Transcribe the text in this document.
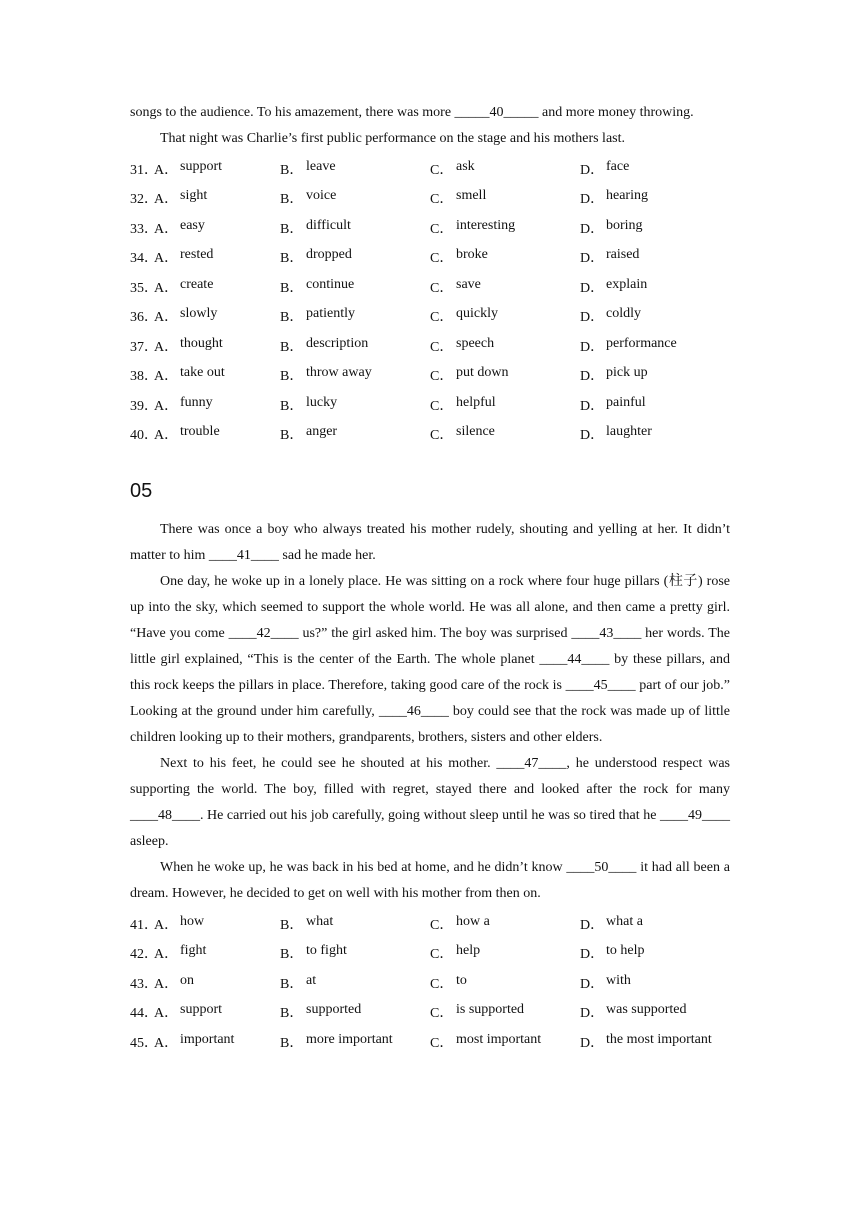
songs to the audience. To his amazement, there was more _____40_____ and more money throwing.

That night was Charlie’s first public performance on the stage and his mothers last.

31．
A． support	B． leave	C． ask	D． face
32．
A． sight	B． voice	C． smell	D． hearing
33．
A． easy	B． difficult	C． interesting	D． boring
34．
A． rested	B． dropped	C． broke	D． raised
35．
A． create	B． continue	C． save	D． explain
36．
A． slowly	B． patiently	C． quickly	D． coldly
37．
A． thought	B． description	C． speech	D． performance
38．
A． take out	B． throw away	C． put down	D． pick up
39．
A． funny	B． lucky	C． helpful	D． painful
40．
A． trouble	B． anger	C． silence	D． laughter
05

There was once a boy who always treated his mother rudely, shouting and yelling at her. It didn’t matter to him ____41____ sad he made her.

One day, he woke up in a lonely place. He was sitting on a rock where four huge pillars (柱子) rose up into the sky, which seemed to support the whole world. He was all alone, and then came a pretty girl. “Have you come ____42____ us?” the girl asked him. The boy was surprised ____43____ her words. The little girl explained, “This is the center of the Earth. The whole planet ____44____ by these pillars, and this rock keeps the pillars in place. Therefore, taking good care of the rock is ____45____ part of our job.” Looking at the ground under him carefully, ____46____ boy could see that the rock was made up of little children looking up to their mothers, grandparents, brothers, sisters and other elders.

Next to his feet, he could see he shouted at his mother. ____47____, he understood respect was supporting the world. The boy, filled with regret, stayed there and looked after the rock for many ____48____. He carried out his job carefully, going without sleep until he was so tired that he ____49____ asleep.

When he woke up, he was back in his bed at home, and he didn’t know ____50____ it had all been a dream. However, he decided to get on well with his mother from then on.

41．
A． how	B． what	C． how a	D． what a
42．
A． fight	B． to fight	C． help	D． to help
43．
A． on	B． at	C． to	D． with
44．
A． support	B． supported	C． is supported	D． was supported
45．
A． important	B． more important	C． most important	D． the most important
